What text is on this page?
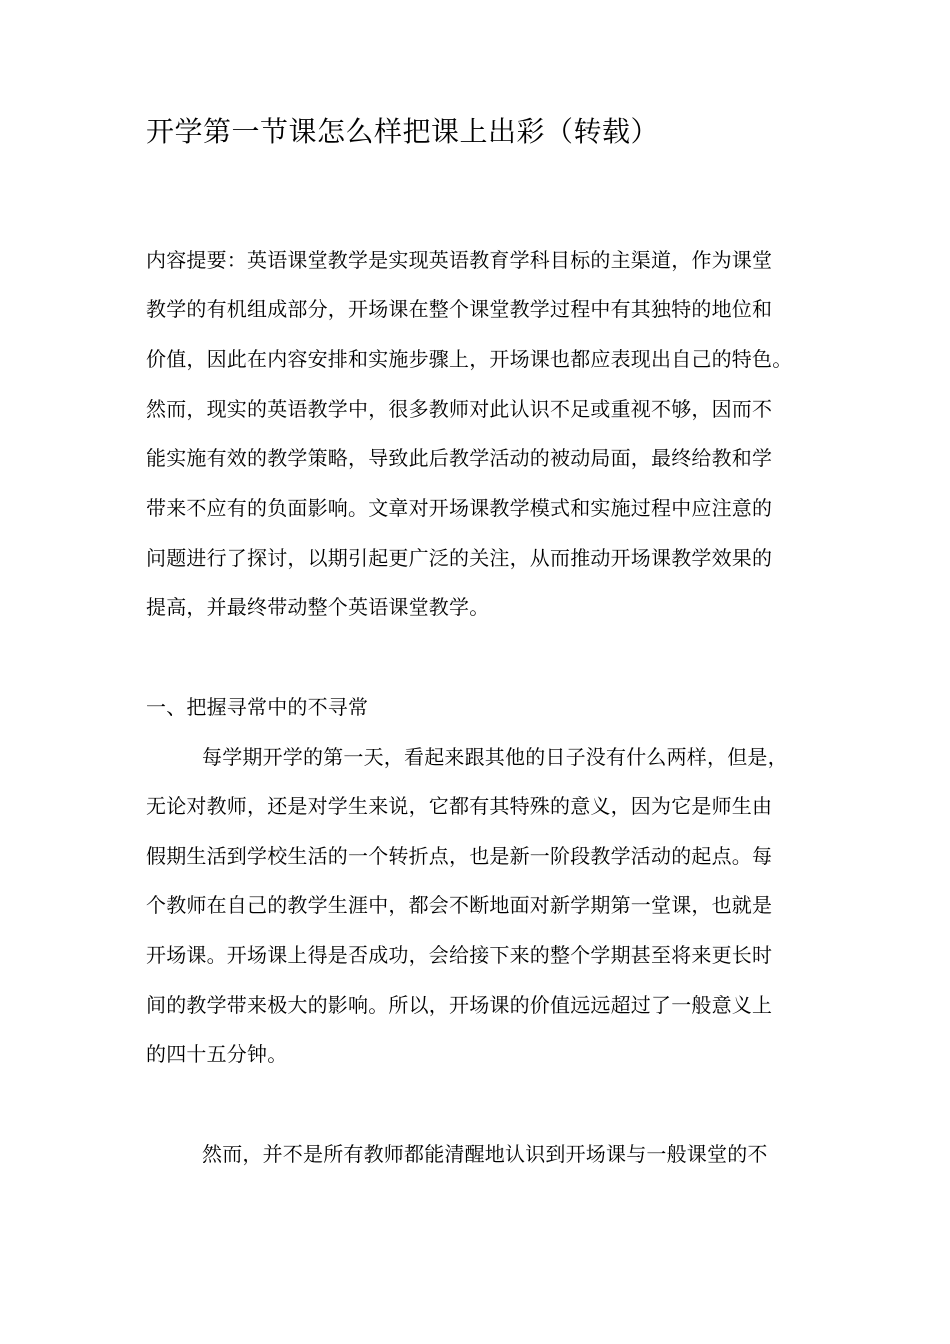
开学第一节课怎么样把课上出彩（转载）
内容提要：英语课堂教学是实现英语教育学科目标的主渠道，作为课堂
教学的有机组成部分，开场课在整个课堂教学过程中有其独特的地位和
价值，因此在内容安排和实施步骤上，开场课也都应表现出自己的特色。
然而，现实的英语教学中，很多教师对此认识不足或重视不够，因而不
能实施有效的教学策略，导致此后教学活动的被动局面，最终给教和学
带来不应有的负面影响。文章对开场课教学模式和实施过程中应注意的
问题进行了探讨，以期引起更广泛的关注，从而推动开场课教学效果的
提高，并最终带动整个英语课堂教学。
一、把握寻常中的不寻常
每学期开学的第一天，看起来跟其他的日子没有什么两样，但是，
无论对教师，还是对学生来说，它都有其特殊的意义，因为它是师生由
假期生活到学校生活的一个转折点，也是新一阶段教学活动的起点。每
个教师在自己的教学生涯中，都会不断地面对新学期第一堂课，也就是
开场课。开场课上得是否成功，会给接下来的整个学期甚至将来更长时
间的教学带来极大的影响。所以，开场课的价值远远超过了一般意义上
的四十五分钟。
然而，并不是所有教师都能清醒地认识到开场课与一般课堂的不
